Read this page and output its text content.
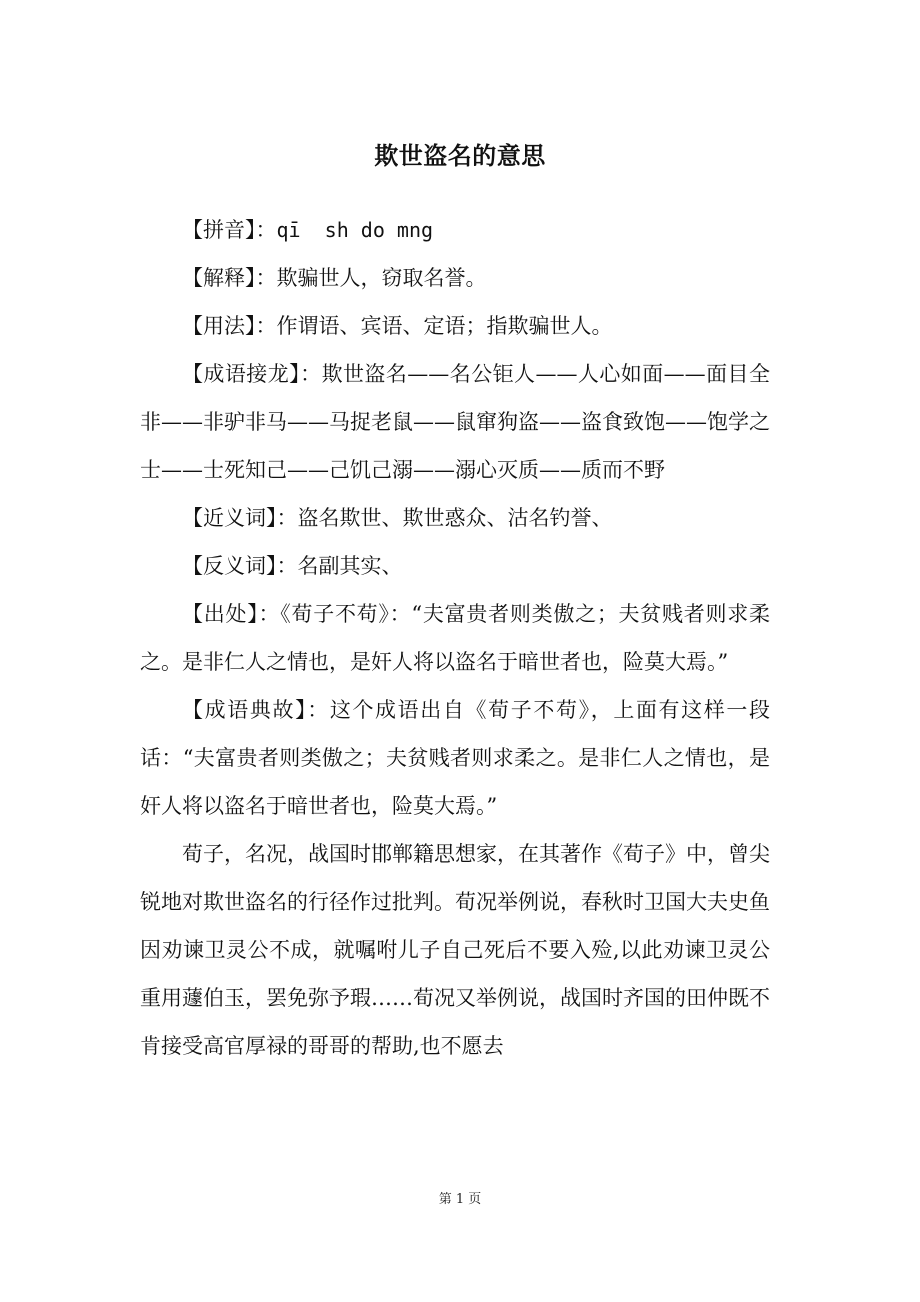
欺世盗名的意思

【拼音】：qī  sh do mng

【解释】：欺骗世人，窃取名誉。

【用法】：作谓语、宾语、定语；指欺骗世人。

【成语接龙】：欺世盗名——名公钜人——人心如面——面目全非——非驴非马——马捉老鼠——鼠窜狗盗——盗食致饱——饱学之士——士死知己——己饥己溺——溺心灭质——质而不野

【近义词】：盗名欺世、欺世惑众、沽名钓誉、

【反义词】：名副其实、

【出处】：《荀子不苟》：“夫富贵者则类傲之；夫贫贱者则求柔之。是非仁人之情也，是奸人将以盗名于暗世者也，险莫大焉。”

【成语典故】：这个成语出自《荀子不苟》，上面有这样一段话：“夫富贵者则类傲之；夫贫贱者则求柔之。是非仁人之情也，是奸人将以盗名于暗世者也，险莫大焉。”

荀子，名况，战国时邯郸籍思想家，在其著作《荀子》中，曾尖锐地对欺世盗名的行径作过批判。荀况举例说，春秋时卫国大夫史鱼因劝谏卫灵公不成，就嘱咐儿子自己死后不要入殓,以此劝谏卫灵公重用蘧伯玉，罢免弥予瑕……荀况又举例说，战国时齐国的田仲既不肯接受高官厚禄的哥哥的帮助,也不愿去

第 1 页
